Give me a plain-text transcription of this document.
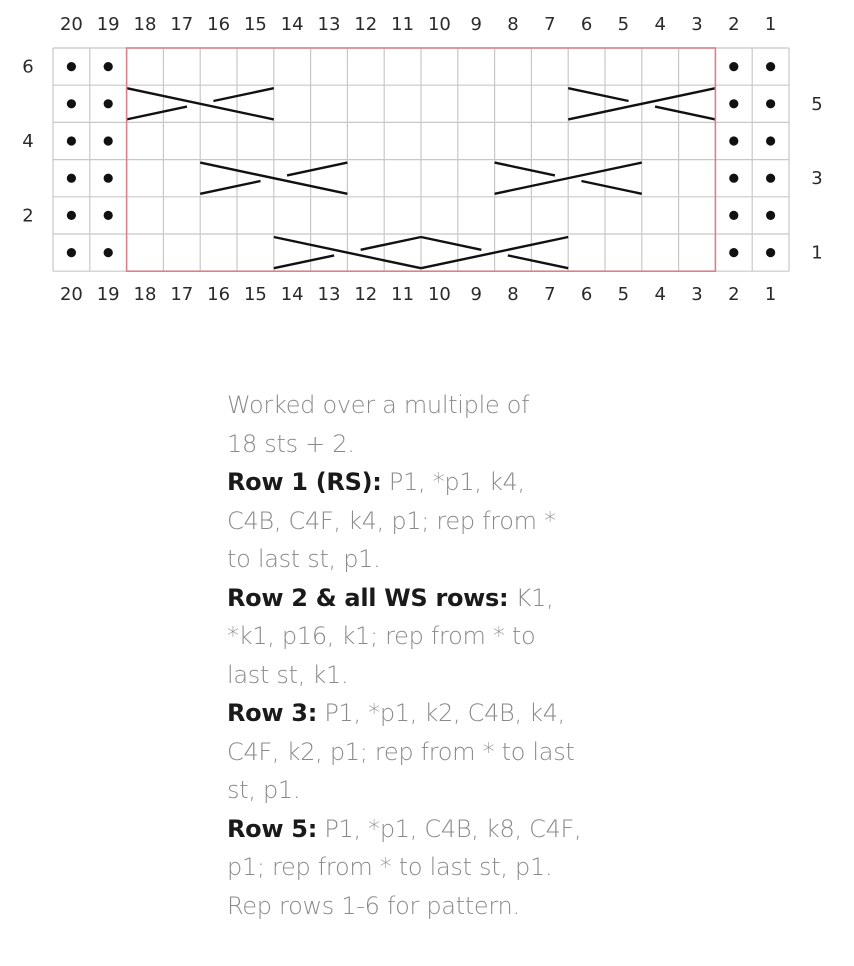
20 19 18 17 16 15 14 13 12 11 10 9 8 7 6 5 4 3 2 1
20 19 18 17 16 15 14 13 12 11 10 9 8 7 6 5 4 3 2 1
6
4
2
5
3
1

Worked over a multiple of

18 sts + 2.

Row 1 (RS): P1, *p1, k4,

C4B, C4F, k4, p1; rep from *

to last st, p1.

Row 2 & all WS rows: K1,

*k1, p16, k1; rep from * to

last st, k1.

Row 3: P1, *p1, k2, C4B, k4,

C4F, k2, p1; rep from * to last

st, p1.

Row 5: P1, *p1, C4B, k8, C4F,

p1; rep from * to last st, p1.

Rep rows 1-6 for pattern.
